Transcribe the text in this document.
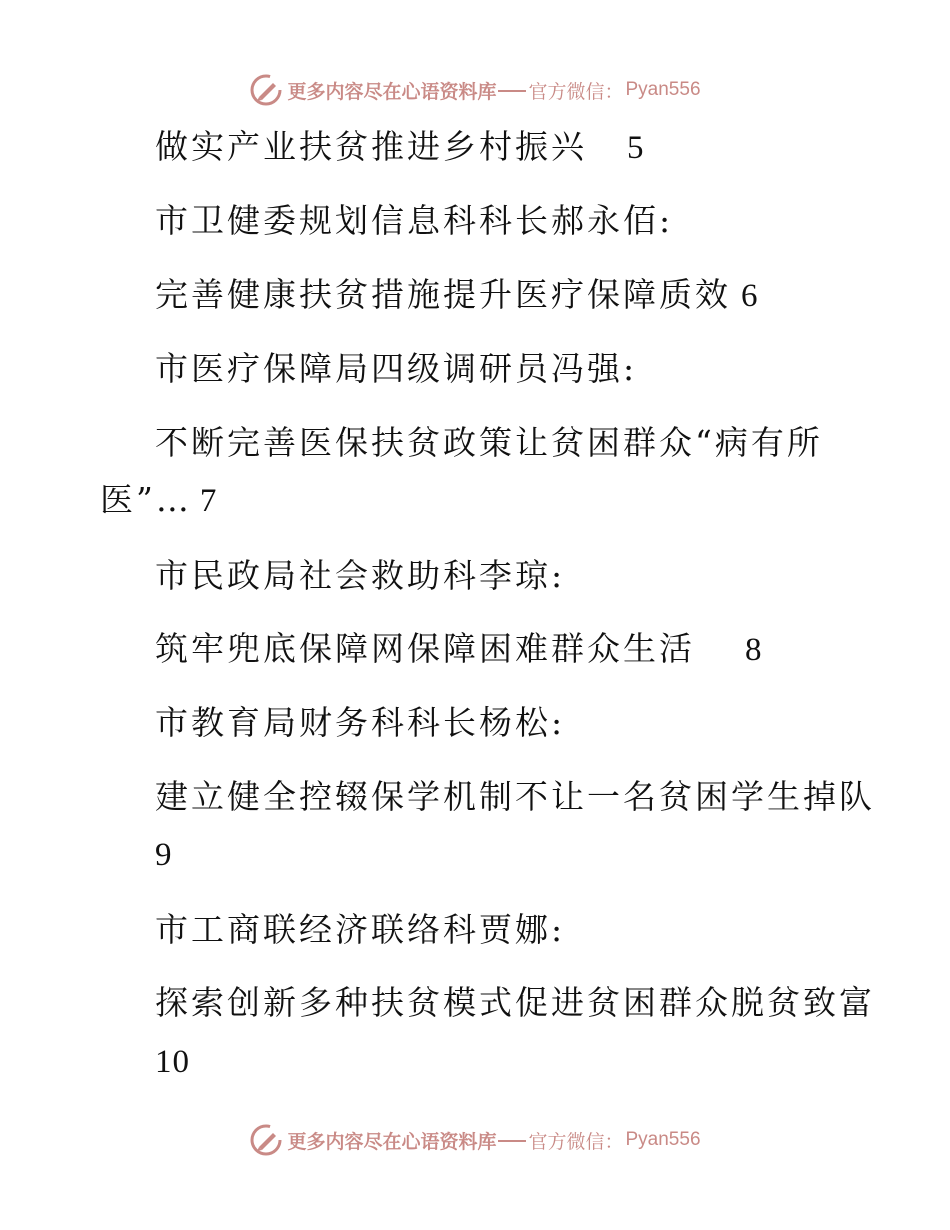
更多内容尽在心语资料库 官方微信： Pyan556
做实产业扶贫推进乡村振兴 5
市卫健委规划信息科科长郝永佰:
完善健康扶贫措施提升医疗保障质效 6
市医疗保障局四级调研员冯强:
不断完善医保扶贫政策让贫困群众“病有所
医”… 7
市民政局社会救助科李琼:
筑牢兜底保障网保障困难群众生活 8
市教育局财务科科长杨松:
建立健全控辍保学机制不让一名贫困学生掉队
9
市工商联经济联络科贾娜:
探索创新多种扶贫模式促进贫困群众脱贫致富
10
更多内容尽在心语资料库 官方微信： Pyan556
